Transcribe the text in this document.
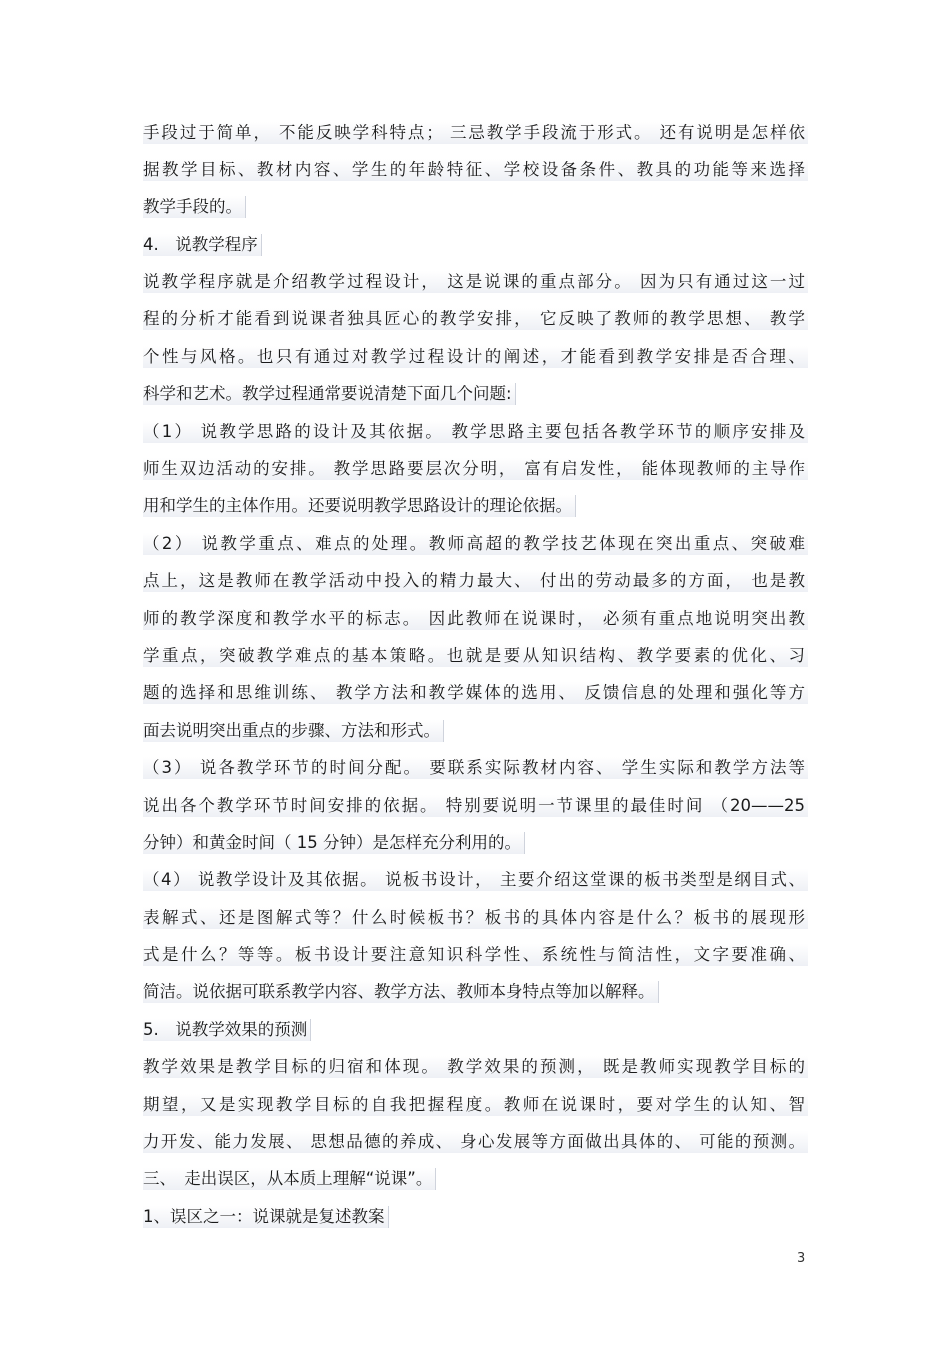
手段过于简单， 不能反映学科特点； 三忌教学手段流于形式。 还有说明是怎样依
据教学目标、教材内容、学生的年龄特征、学校设备条件、教具的功能等来选择
教学手段的。
4.　说教学程序
说教学程序就是介绍教学过程设计， 这是说课的重点部分。 因为只有通过这一过
程的分析才能看到说课者独具匠心的教学安排， 它反映了教师的教学思想、 教学
个性与风格。也只有通过对教学过程设计的阐述，才能看到教学安排是否合理、
科学和艺术。教学过程通常要说清楚下面几个问题:
（1） 说教学思路的设计及其依据。 教学思路主要包括各教学环节的顺序安排及
师生双边活动的安排。 教学思路要层次分明， 富有启发性， 能体现教师的主导作
用和学生的主体作用。还要说明教学思路设计的理论依据。
（2） 说教学重点、难点的处理。教师高超的教学技艺体现在突出重点、突破难
点上，这是教师在教学活动中投入的精力最大、 付出的劳动最多的方面， 也是教
师的教学深度和教学水平的标志。 因此教师在说课时， 必须有重点地说明突出教
学重点，突破教学难点的基本策略。也就是要从知识结构、教学要素的优化、习
题的选择和思维训练、 教学方法和教学媒体的选用、 反馈信息的处理和强化等方
面去说明突出重点的步骤、方法和形式。
（3） 说各教学环节的时间分配。 要联系实际教材内容、 学生实际和教学方法等
说出各个教学环节时间安排的依据。 特别要说明一节课里的最佳时间 （20——25
分钟）和黄金时间（ 15 分钟）是怎样充分利用的。
（4） 说教学设计及其依据。 说板书设计， 主要介绍这堂课的板书类型是纲目式、
表解式、还是图解式等？什么时候板书？板书的具体内容是什么？板书的展现形
式是什么？等等。板书设计要注意知识科学性、系统性与简洁性，文字要准确、
简洁。说依据可联系教学内容、教学方法、教师本身特点等加以解释。
5.　说教学效果的预测
教学效果是教学目标的归宿和体现。 教学效果的预测， 既是教师实现教学目标的
期望，又是实现教学目标的自我把握程度。教师在说课时，要对学生的认知、智
力开发、能力发展、 思想品德的养成、 身心发展等方面做出具体的、 可能的预测。
三、　走出误区，从本质上理解“说课”。
1、误区之一：说课就是复述教案
3
